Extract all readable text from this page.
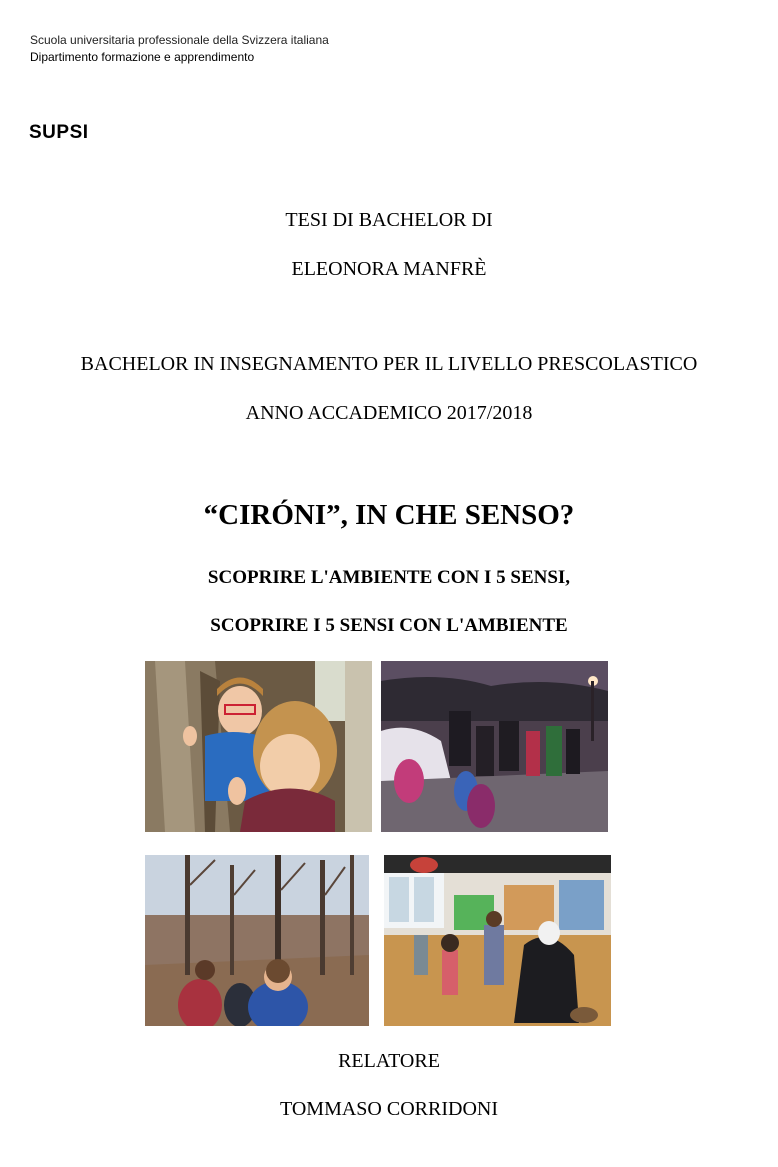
Scuola universitaria professionale della Svizzera italiana
Dipartimento formazione e apprendimento
SUPSI
TESI DI BACHELOR DI
ELEONORA MANFRÈ
BACHELOR IN INSEGNAMENTO PER IL LIVELLO PRESCOLASTICO
ANNO ACCADEMICO 2017/2018
“CIRÓNI”, IN CHE SENSO?
SCOPRIRE L'AMBIENTE CON I 5 SENSI,
SCOPRIRE I 5 SENSI CON L'AMBIENTE
RELATORE
TOMMASO CORRIDONI
